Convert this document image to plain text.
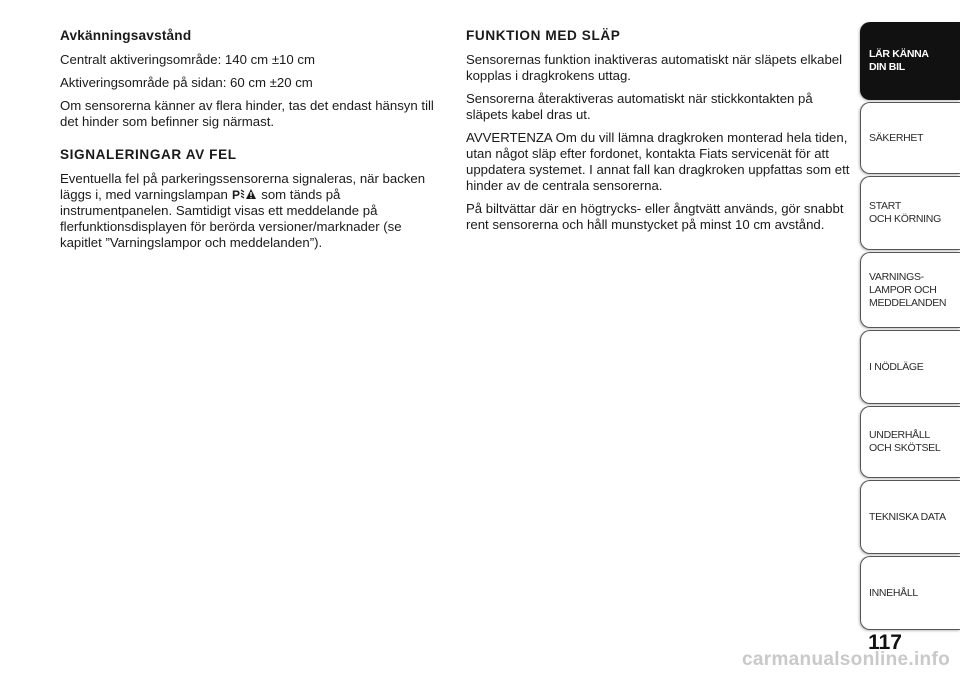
Avkänningsavstånd

Centralt aktiveringsområde: 140 cm ±10 cm

Aktiveringsområde på sidan: 60 cm ±20 cm

Om sensorerna känner av flera hinder, tas det endast hänsyn till det hinder som befinner sig närmast.

SIGNALERINGAR AV FEL

Eventuella fel på parkeringssensorerna signaleras, när backen läggs i, med varningslampan P som tänds på instrumentpanelen. Samtidigt visas ett meddelande på flerfunktionsdisplayen för berörda versioner/marknader (se kapitlet ”Varningslampor och meddelanden”).

FUNKTION MED SLÄP

Sensorernas funktion inaktiveras automatiskt när släpets elkabel kopplas i dragkrokens uttag.

Sensorerna återaktiveras automatiskt när stickkontakten på släpets kabel dras ut.

AVVERTENZA Om du vill lämna dragkroken monterad hela tiden, utan något släp efter fordonet, kontakta Fiats servicenät för att uppdatera systemet. I annat fall kan dragkroken uppfattas som ett hinder av de centrala sensorerna.

På biltvättar där en högtrycks- eller ångtvätt används, gör snabbt rent sensorerna och håll munstycket på minst 10 cm avstånd.

LÄR KÄNNA
DIN BIL
SÄKERHET
START
OCH KÖRNING
VARNINGS-
LAMPOR OCH
MEDDELANDEN
I NÖDLÄGE
UNDERHÅLL
OCH SKÖTSEL
TEKNISKA DATA
INNEHÅLL
117
carmanualsonline.info
